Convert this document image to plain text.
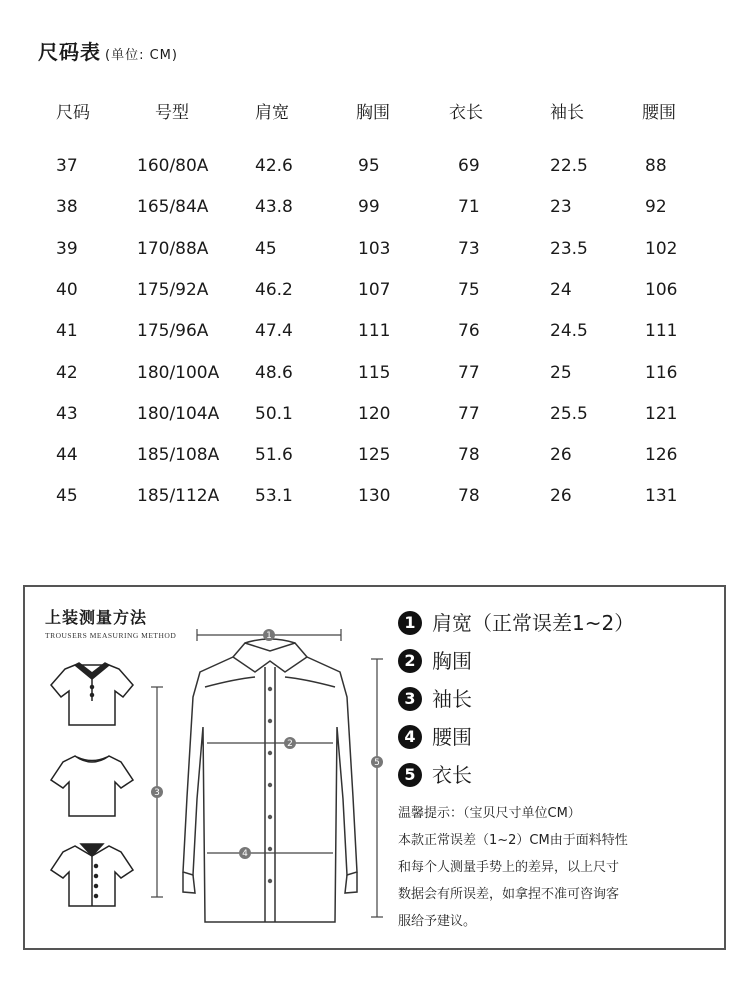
尺码表 (单位: CM)
尺码	号型	肩宽	胸围	衣长	袖长	腰围
37	160/80A	42.6	95	69	22.5	88
38	165/84A	43.8	99	71	23	92
39	170/88A	45	103	73	23.5	102
40	175/92A	46.2	107	75	24	106
41	175/96A	47.4	111	76	24.5	111
42	180/100A 48.6	115	77	25	116
43	180/104A 50.1	120	77	25.5	121
44	185/108A 51.6	125	78	26	126
45	185/112A 53.1	130	78	26	131
上装测量方法
TROUSERS MEASURING METHOD	1
2
3
4
5
1 肩宽（正常误差1~2）
2 胸围
3 袖长
4 腰围
5 衣长
温馨提示：（宝贝尺寸单位CM）
本款正常误差（1~2）CM由于面料特性
和每个人测量手势上的差异，以上尺寸
数据会有所误差，如拿捏不准可咨询客
服给予建议。
